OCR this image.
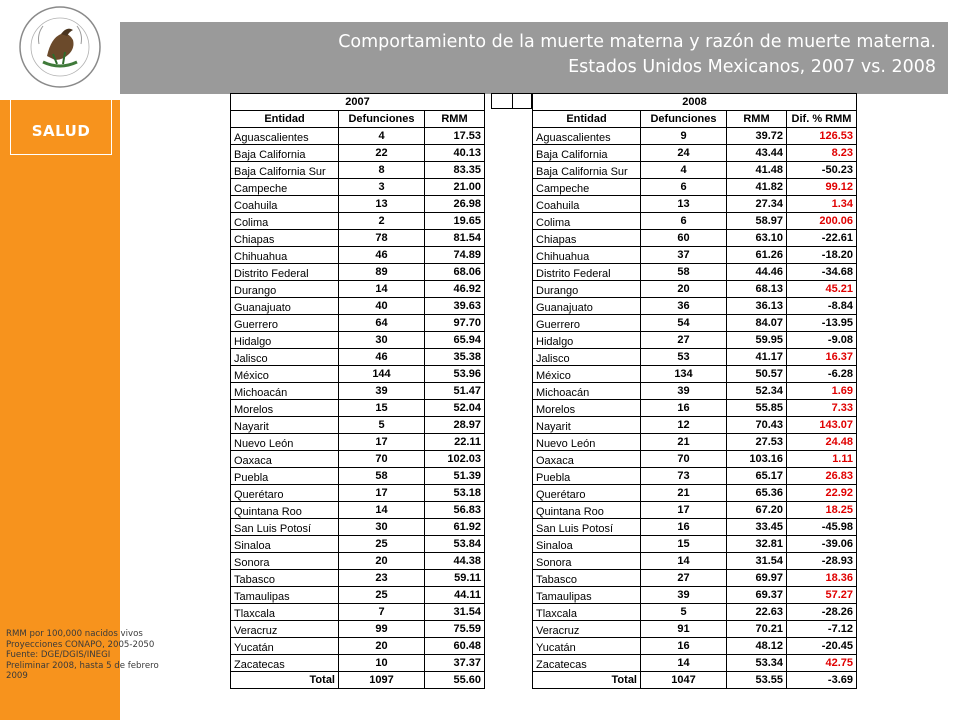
SALUD
Comportamiento de la muerte materna y razón de muerte materna.
Estados Unidos Mexicanos, 2007 vs. 2008
RMM por 100,000 nacidos vivos
Proyecciones CONAPO, 2005-2050
Fuente: DGE/DGIS/INEGI
Preliminar 2008, hasta 5 de febrero
2009
2007		
Entidad	Defunciones	RMM
Aguascalientes	4	17.53
Baja California	22	40.13
Baja California Sur	8	83.35
Campeche	3	21.00
Coahuila	13	26.98
Colima	2	19.65
Chiapas	78	81.54
Chihuahua	46	74.89
Distrito Federal	89	68.06
Durango	14	46.92
Guanajuato	40	39.63
Guerrero	64	97.70
Hidalgo	30	65.94
Jalisco	46	35.38
México	144	53.96
Michoacán	39	51.47
Morelos	15	52.04
Nayarit	5	28.97
Nuevo León	17	22.11
Oaxaca	70	102.03
Puebla	58	51.39
Querétaro	17	53.18
Quintana Roo	14	56.83
San Luis Potosí	30	61.92
Sinaloa	25	53.84
Sonora	20	44.38
Tabasco	23	59.11
Tamaulipas	25	44.11
Tlaxcala	7	31.54
Veracruz	99	75.59
Yucatán	20	60.48
Zacatecas	10	37.37
Total	1097	55.60
2008			
Entidad	Defunciones	RMM	Dif. % RMM
Aguascalientes	9	39.72	126.53
Baja California	24	43.44	8.23
Baja California Sur	4	41.48	-50.23
Campeche	6	41.82	99.12
Coahuila	13	27.34	1.34
Colima	6	58.97	200.06
Chiapas	60	63.10	-22.61
Chihuahua	37	61.26	-18.20
Distrito Federal	58	44.46	-34.68
Durango	20	68.13	45.21
Guanajuato	36	36.13	-8.84
Guerrero	54	84.07	-13.95
Hidalgo	27	59.95	-9.08
Jalisco	53	41.17	16.37
México	134	50.57	-6.28
Michoacán	39	52.34	1.69
Morelos	16	55.85	7.33
Nayarit	12	70.43	143.07
Nuevo León	21	27.53	24.48
Oaxaca	70	103.16	1.11
Puebla	73	65.17	26.83
Querétaro	21	65.36	22.92
Quintana Roo	17	67.20	18.25
San Luis Potosí	16	33.45	-45.98
Sinaloa	15	32.81	-39.06
Sonora	14	31.54	-28.93
Tabasco	27	69.97	18.36
Tamaulipas	39	69.37	57.27
Tlaxcala	5	22.63	-28.26
Veracruz	91	70.21	-7.12
Yucatán	16	48.12	-20.45
Zacatecas	14	53.34	42.75
Total	1047	53.55	-3.69
